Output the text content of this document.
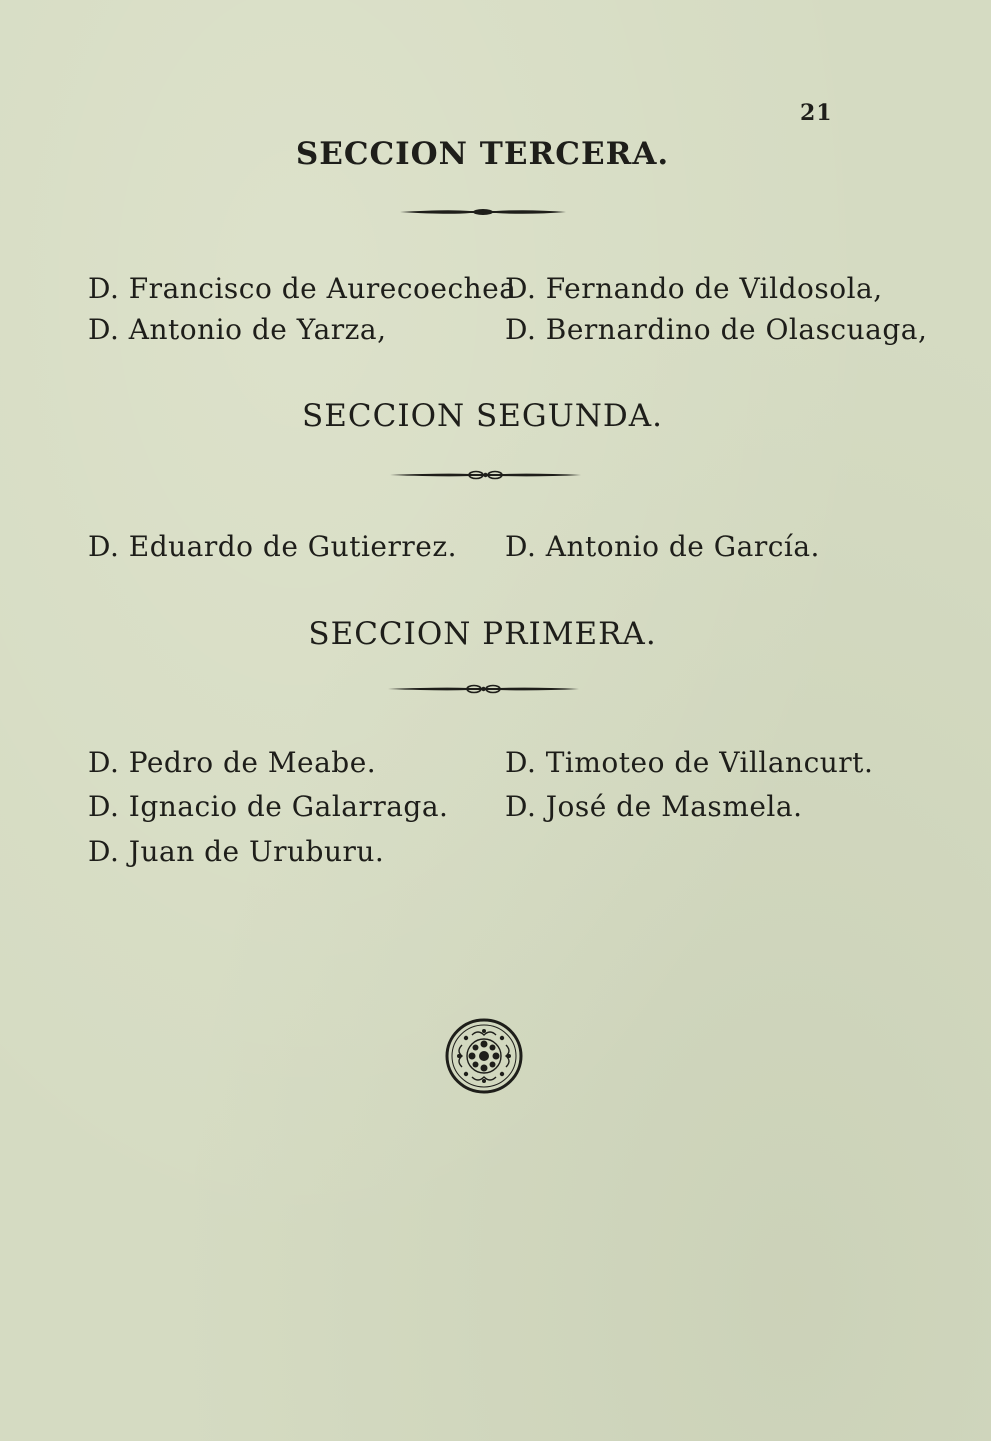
21
SECCION TERCERA.
D. Francisco de Aurecoechea
D. Fernando de Vildosola,
D. Antonio de Yarza,	D. Bernardino de Olascuaga,
SECCION SEGUNDA.
D. Eduardo de Gutierrez. D. Antonio de García.
SECCION PRIMERA.
D. Pedro de Meabe.	D. Timoteo de Villancurt.
D. Ignacio de Galarraga. D. José de Masmela.
D. Juan de Uruburu.
